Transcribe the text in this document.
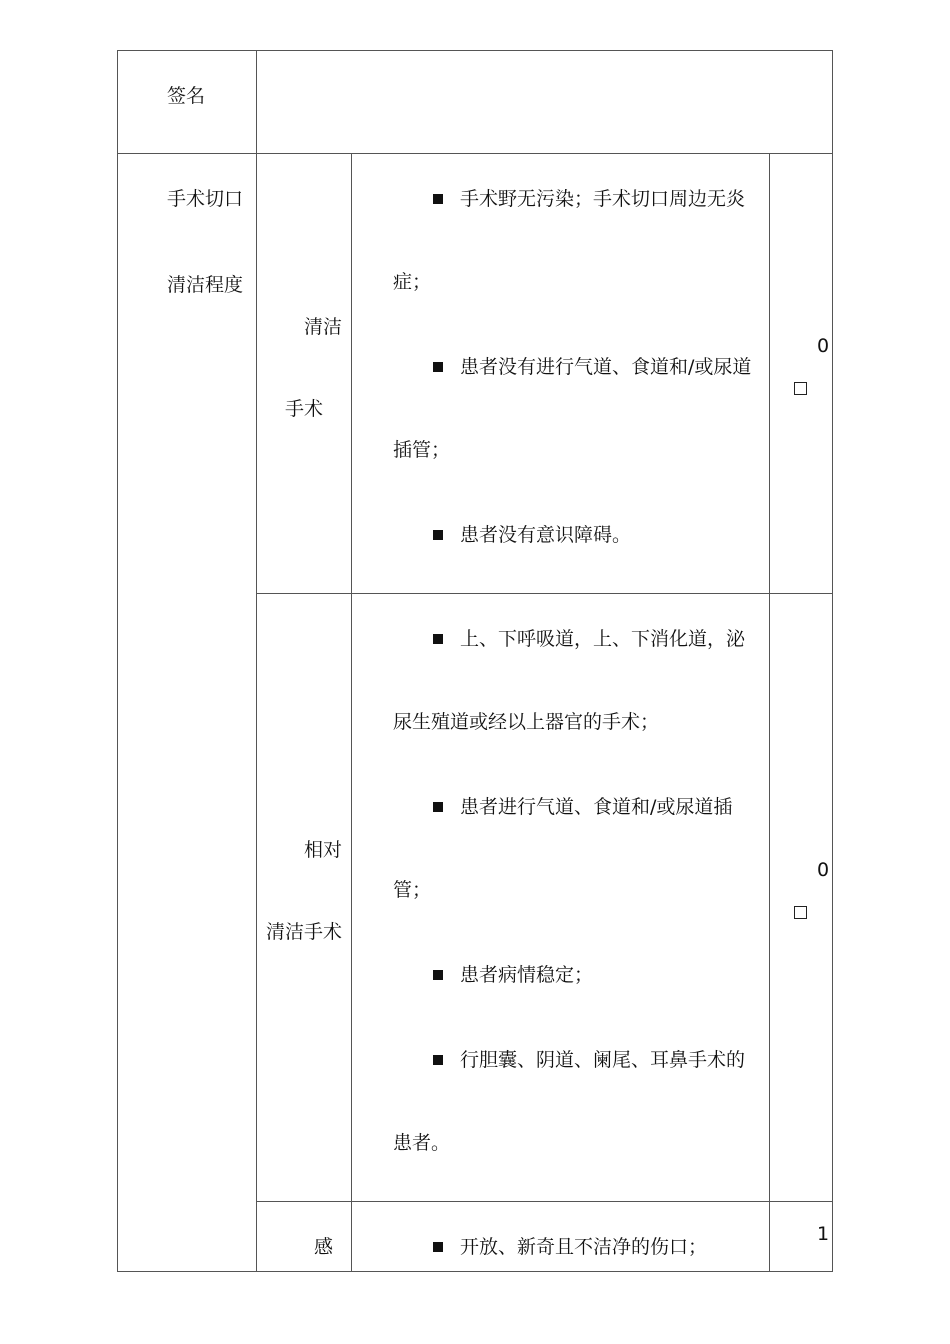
签名
手术切口
清洁程度
清洁
手术
手术野无污染；手术切口周边无炎
症；
患者没有进行气道、食道和/或尿道
插管；
患者没有意识障碍。
0
相对
清洁手术
上、下呼吸道，上、下消化道，泌
尿生殖道或经以上器官的手术；
患者进行气道、食道和/或尿道插
管；
患者病情稳定；
行胆囊、阴道、阑尾、耳鼻手术的
患者。
0
感	开放、新奇且不洁净的伤口；
1
